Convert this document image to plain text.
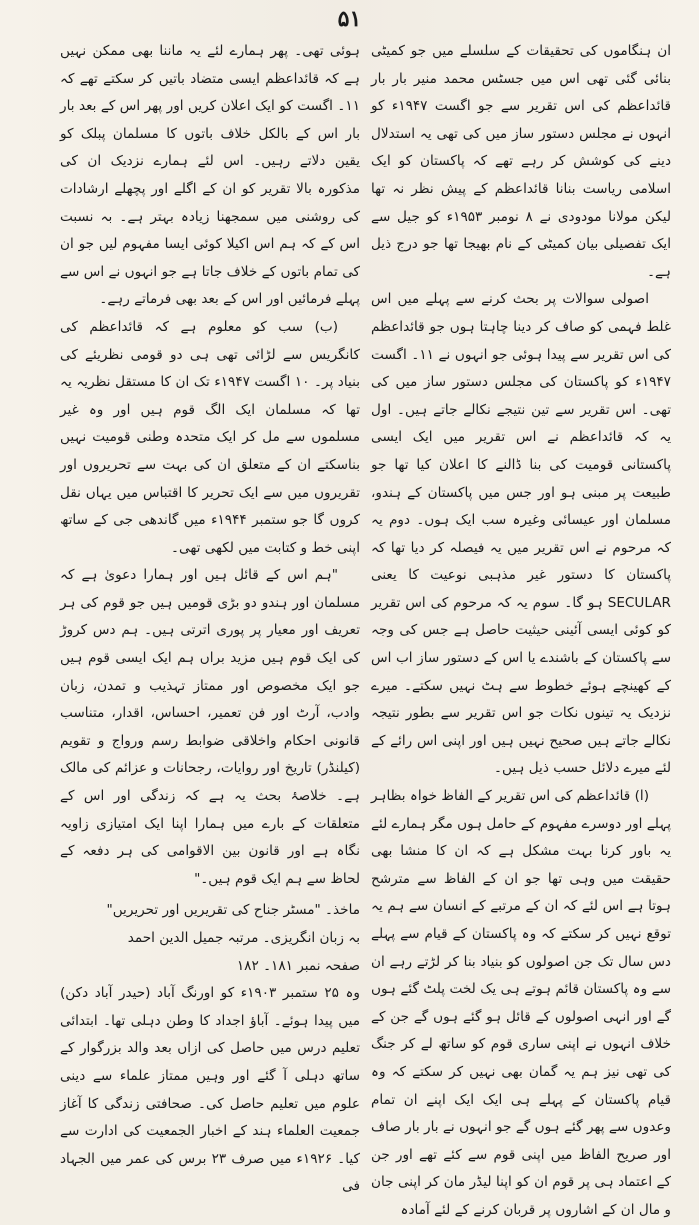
۵۱

ان ہنگاموں کی تحقیقات کے سلسلے میں جو کمیٹی بنائی گئی تھی اس میں جسٹس محمد منیر بار بار قائداعظم کی اس تقریر سے جو اگست ۱۹۴۷ء کو انہوں نے مجلس دستور ساز میں کی تھی یہ استدلال دینے کی کوشش کر رہے تھے کہ پاکستان کو ایک اسلامی ریاست بنانا قائداعظم کے پیش نظر نہ تھا لیکن مولانا مودودی نے ۸ نومبر ۱۹۵۳ء کو جیل سے ایک تفصیلی بیان کمیٹی کے نام بھیجا تھا جو درج ذیل ہے۔

اصولی سوالات پر بحث کرنے سے پہلے میں اس غلط فہمی کو صاف کر دینا چاہتا ہوں جو قائداعظم کی اس تقریر سے پیدا ہوئی جو انہوں نے ۱۱۔ اگست ۱۹۴۷ء کو پاکستان کی مجلس دستور ساز میں کی تھی۔ اس تقریر سے تین نتیجے نکالے جاتے ہیں۔ اول یہ کہ قائداعظم نے اس تقریر میں ایک ایسی پاکستانی قومیت کی بنا ڈالنے کا اعلان کیا تھا جو طبیعت پر مبنی ہو اور جس میں پاکستان کے ہندو، مسلمان اور عیسائی وغیرہ سب ایک ہوں۔ دوم یہ کہ مرحوم نے اس تقریر میں یہ فیصلہ کر دیا تھا کہ پاکستان کا دستور غیر مذہبی نوعیت کا یعنی SECULAR ہو گا۔ سوم یہ کہ مرحوم کی اس تقریر کو کوئی ایسی آئینی حیثیت حاصل ہے جس کی وجہ سے پاکستان کے باشندے یا اس کے دستور ساز اب اس کے کھینچے ہوئے خطوط سے ہٹ نہیں سکتے۔ میرے نزدیک یہ تینوں نکات جو اس تقریر سے بطور نتیجہ نکالے جاتے ہیں صحیح نہیں ہیں اور اپنی اس رائے کے لئے میرے دلائل حسب ذیل ہیں۔

(ا) قائداعظم کی اس تقریر کے الفاظ خواہ بظاہر پہلے اور دوسرے مفہوم کے حامل ہوں مگر ہمارے لئے یہ باور کرنا بہت مشکل ہے کہ ان کا منشا بھی حقیقت میں وہی تھا جو ان کے الفاظ سے مترشح ہوتا ہے اس لئے کہ ان کے مرتبے کے انسان سے ہم یہ توقع نہیں کر سکتے کہ وہ پاکستان کے قیام سے پہلے دس سال تک جن اصولوں کو بنیاد بنا کر لڑتے رہے ان سے وہ پاکستان قائم ہوتے ہی یک لخت پلٹ گئے ہوں گے اور انہی اصولوں کے قائل ہو گئے ہوں گے جن کے خلاف انہوں نے اپنی ساری قوم کو ساتھ لے کر جنگ کی تھی نیز ہم یہ گمان بھی نہیں کر سکتے کہ وہ قیام پاکستان کے پہلے ہی ایک ایک اپنے ان تمام وعدوں سے پھر گئے ہوں گے جو انہوں نے بار بار صاف اور صریح الفاظ میں اپنی قوم سے کئے تھے اور جن کے اعتماد ہی پر قوم ان کو اپنا لیڈر مان کر اپنی جان و مال ان کے اشاروں پر قربان کرنے کے لئے آمادہ

ہوئی تھی۔ پھر ہمارے لئے یہ ماننا بھی ممکن نہیں ہے کہ قائداعظم ایسی متضاد باتیں کر سکتے تھے کہ ۱۱۔ اگست کو ایک اعلان کریں اور پھر اس کے بعد بار بار اس کے بالکل خلاف باتوں کا مسلمان پبلک کو یقین دلاتے رہیں۔ اس لئے ہمارے نزدیک ان کی مذکورہ بالا تقریر کو ان کے اگلے اور پچھلے ارشادات کی روشنی میں سمجھنا زیادہ بہتر ہے۔ بہ نسبت اس کے کہ ہم اس اکیلا کوئی ایسا مفہوم لیں جو ان کی تمام باتوں کے خلاف جاتا ہے جو انہوں نے اس سے پہلے فرمائیں اور اس کے بعد بھی فرماتے رہے۔

(ب) سب کو معلوم ہے کہ قائداعظم کی کانگریس سے لڑائی تھی ہی دو قومی نظریئے کی بنیاد پر۔ ۱۰ اگست ۱۹۴۷ء تک ان کا مستقل نظریہ یہ تھا کہ مسلمان ایک الگ قوم ہیں اور وہ غیر مسلموں سے مل کر ایک متحدہ وطنی قومیت نہیں بناسکتے ان کے متعلق ان کی بہت سے تحریروں اور تقریروں میں سے ایک تحریر کا اقتباس میں یہاں نقل کروں گا جو ستمبر ۱۹۴۴ء میں گاندھی جی کے ساتھ اپنی خط و کتابت میں لکھی تھی۔

"ہم اس کے قائل ہیں اور ہمارا دعویٰ ہے کہ مسلمان اور ہندو دو بڑی قومیں ہیں جو قوم کی ہر تعریف اور معیار پر پوری اترتی ہیں۔ ہم دس کروڑ کی ایک قوم ہیں مزید براں ہم ایک ایسی قوم ہیں جو ایک مخصوص اور ممتاز تہذیب و تمدن، زبان وادب، آرٹ اور فن تعمیر، احساس، اقدار، متناسب قانونی احکام واخلاقی ضوابط رسم ورواج و تقویم (کیلنڈر) تاریخ اور روایات، رجحانات و عزائم کی مالک ہے۔ خلاصۂ بحث یہ ہے کہ زندگی اور اس کے متعلقات کے بارے میں ہمارا اپنا ایک امتیازی زاویہ نگاہ ہے اور قانون بین الاقوامی کی ہر دفعہ کے لحاظ سے ہم ایک قوم ہیں۔"

ماخذ۔ "مسٹر جناح کی تقریریں اور تحریریں"
بہ زبان انگریزی۔ مرتبہ جمیل الدین احمد
صفحہ نمبر ۱۸۱۔ ۱۸۲

وہ ۲۵ ستمبر ۱۹۰۳ء کو اورنگ آباد (حیدر آباد دکن) میں پیدا ہوئے۔ آباؤ اجداد کا وطن دہلی تھا۔ ابتدائی تعلیم درس میں حاصل کی ازاں بعد والد بزرگوار کے ساتھ دہلی آ گئے اور وہیں ممتاز علماء سے دینی علوم میں تعلیم حاصل کی۔ صحافتی زندگی کا آغاز جمعیت العلماء ہند کے اخبار الجمعیت کی ادارت سے کیا۔ ۱۹۲۶ء میں صرف ۲۳ برس کی عمر میں الجہاد فی
